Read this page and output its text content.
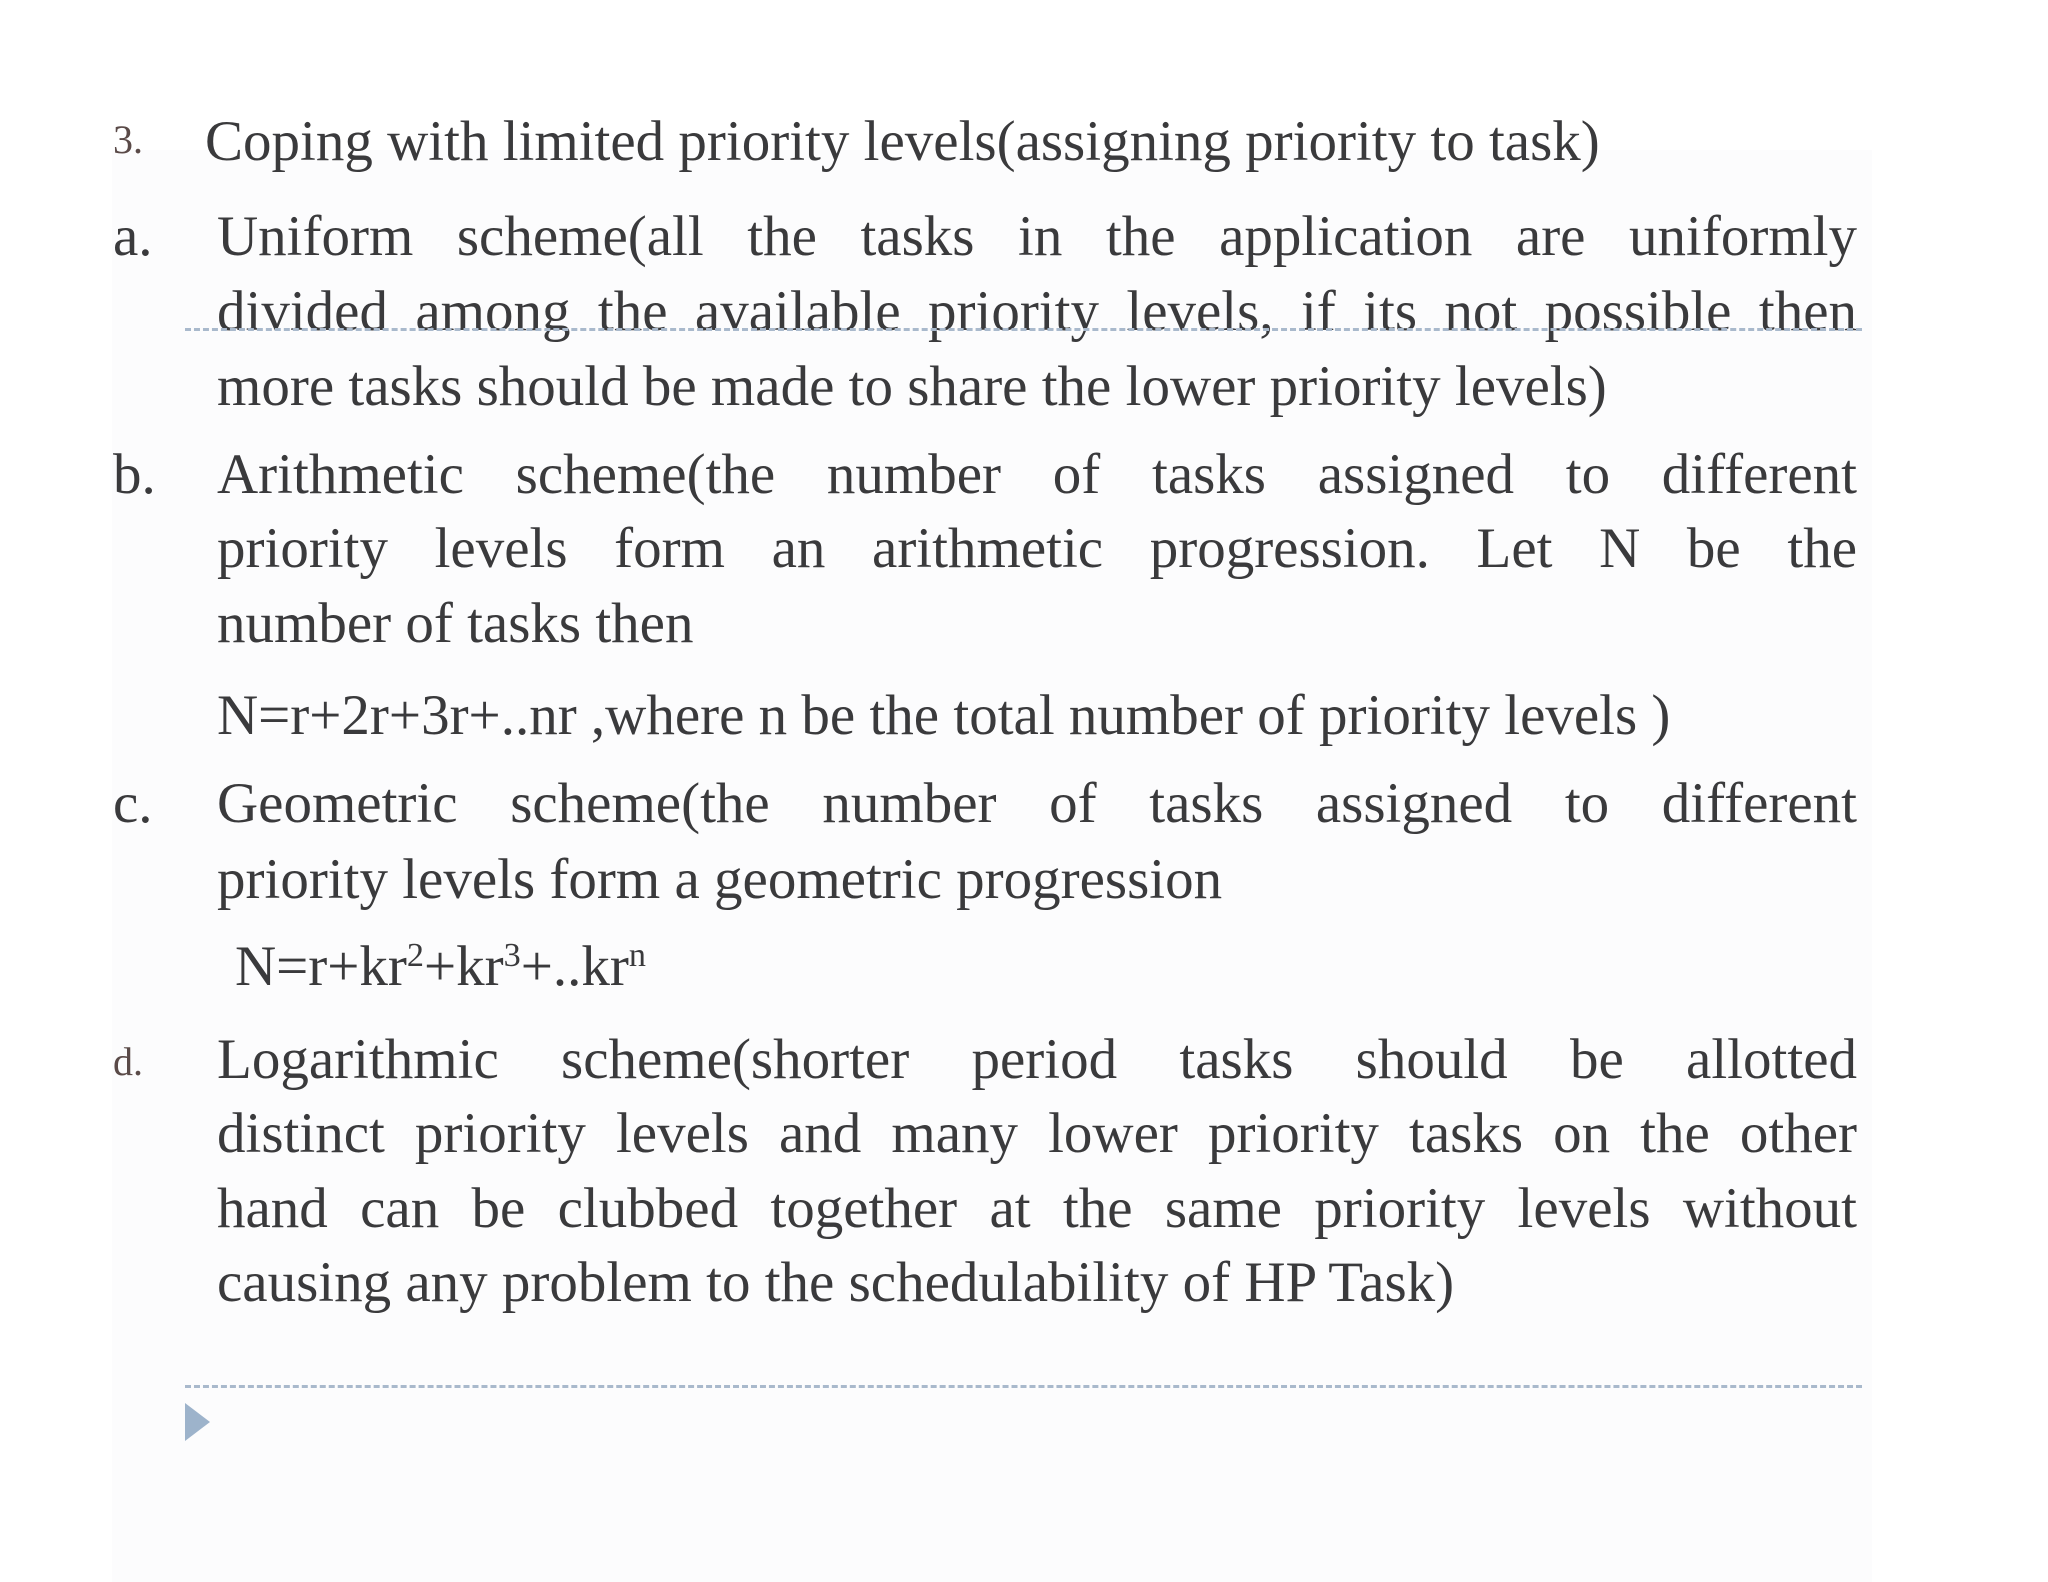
3. Coping with limited priority levels(assigning priority to task)
a. Uniform scheme(all the tasks in the application are uniformly
divided among the available priority levels, if its not possible then
more tasks should be made to share the lower priority levels)
b. Arithmetic scheme(the number of tasks assigned to different
priority levels form an arithmetic progression. Let N be the
number of tasks then
N=r+2r+3r+..nr ,where n be the total number of priority levels )
c. Geometric scheme(the number of tasks assigned to different
priority levels form a geometric progression
$N=r+kr^2+kr^3+..kr^n$
d. Logarithmic scheme(shorter period tasks should be allotted
distinct priority levels and many lower priority tasks on the other
hand can be clubbed together at the same priority levels without
causing any problem to the schedulability of HP Task)
